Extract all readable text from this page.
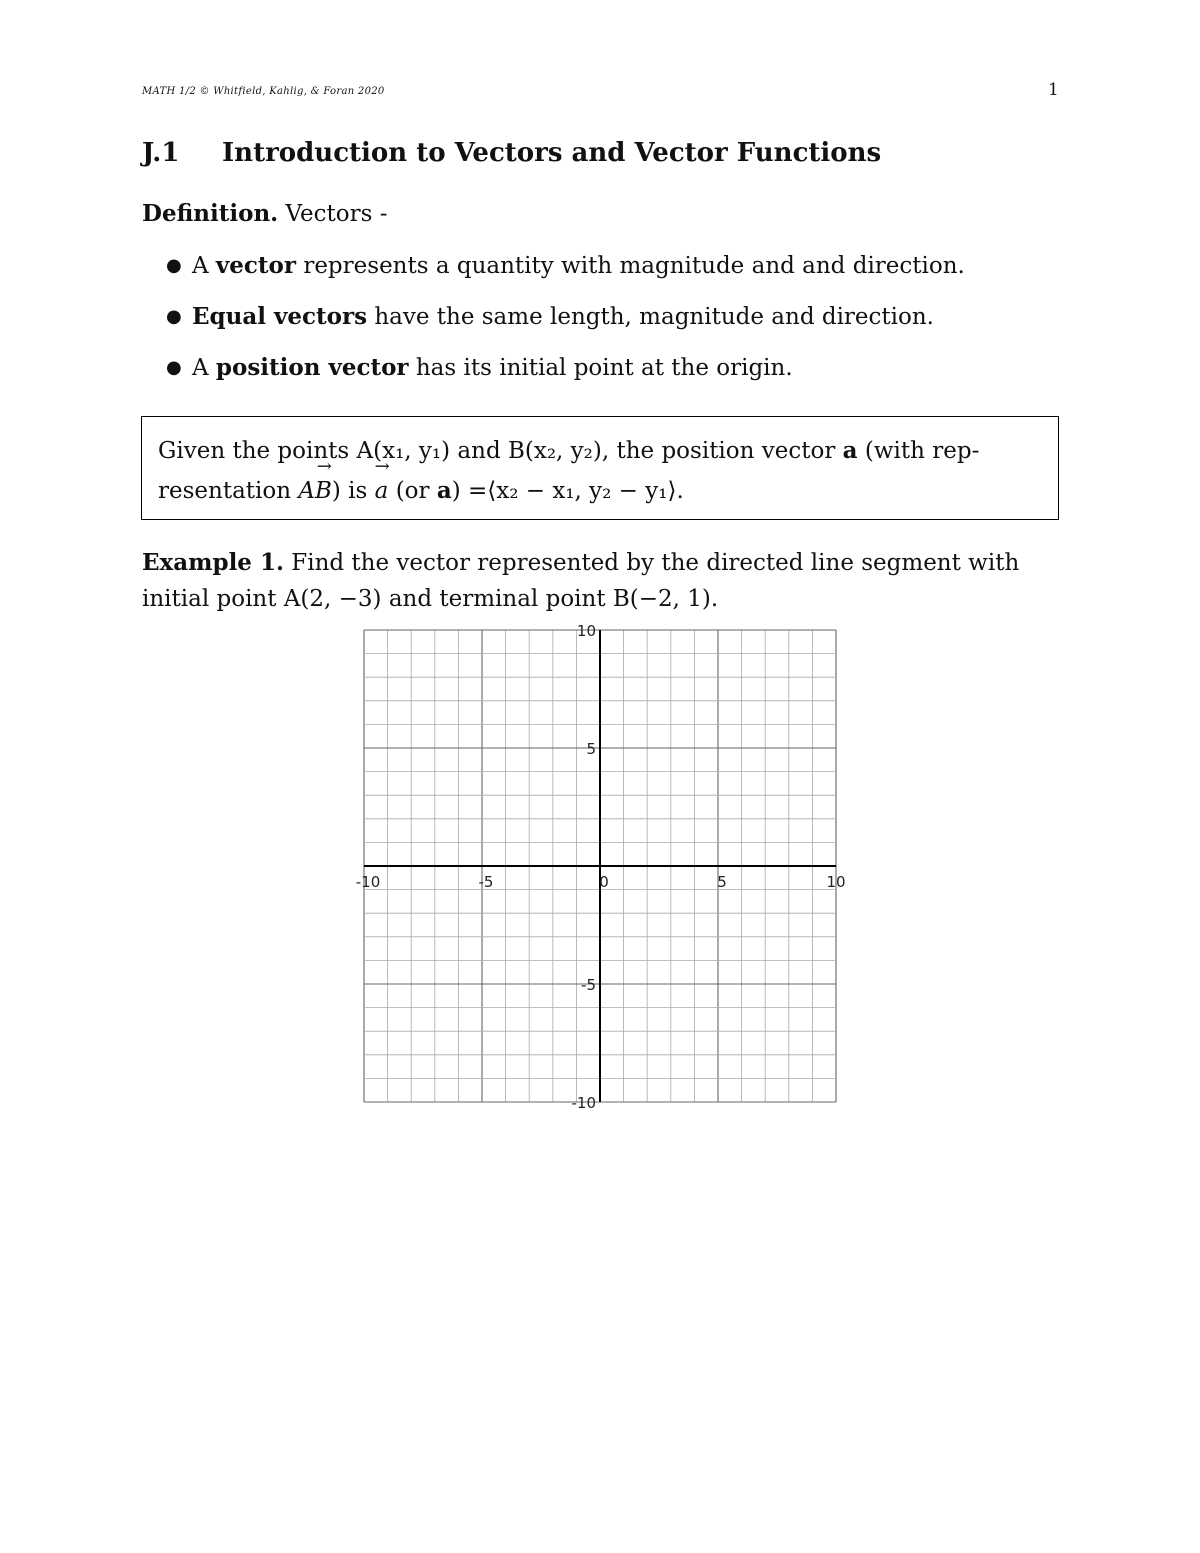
MATH 1/2 © Whitfield, Kahlig, & Foran 2020	1
J.1 Introduction to Vectors and Vector Functions
Definition. Vectors -
● A vector represents a quantity with magnitude and and direction.
● Equal vectors have the same length, magnitude and direction.
● A position vector has its initial point at the origin.
Given the points A(x₁, y₁) and B(x₂, y₂), the position vector a (with rep-
resentation AB →) is a → (or a) =⟨x₂ − x₁, y₂ − y₁⟩.
Example 1. Find the vector represented by the directed line segment with initial point A(2, −3) and terminal point B(−2, 1).
-10	-5	0	5	10
10
5
-5
-10
